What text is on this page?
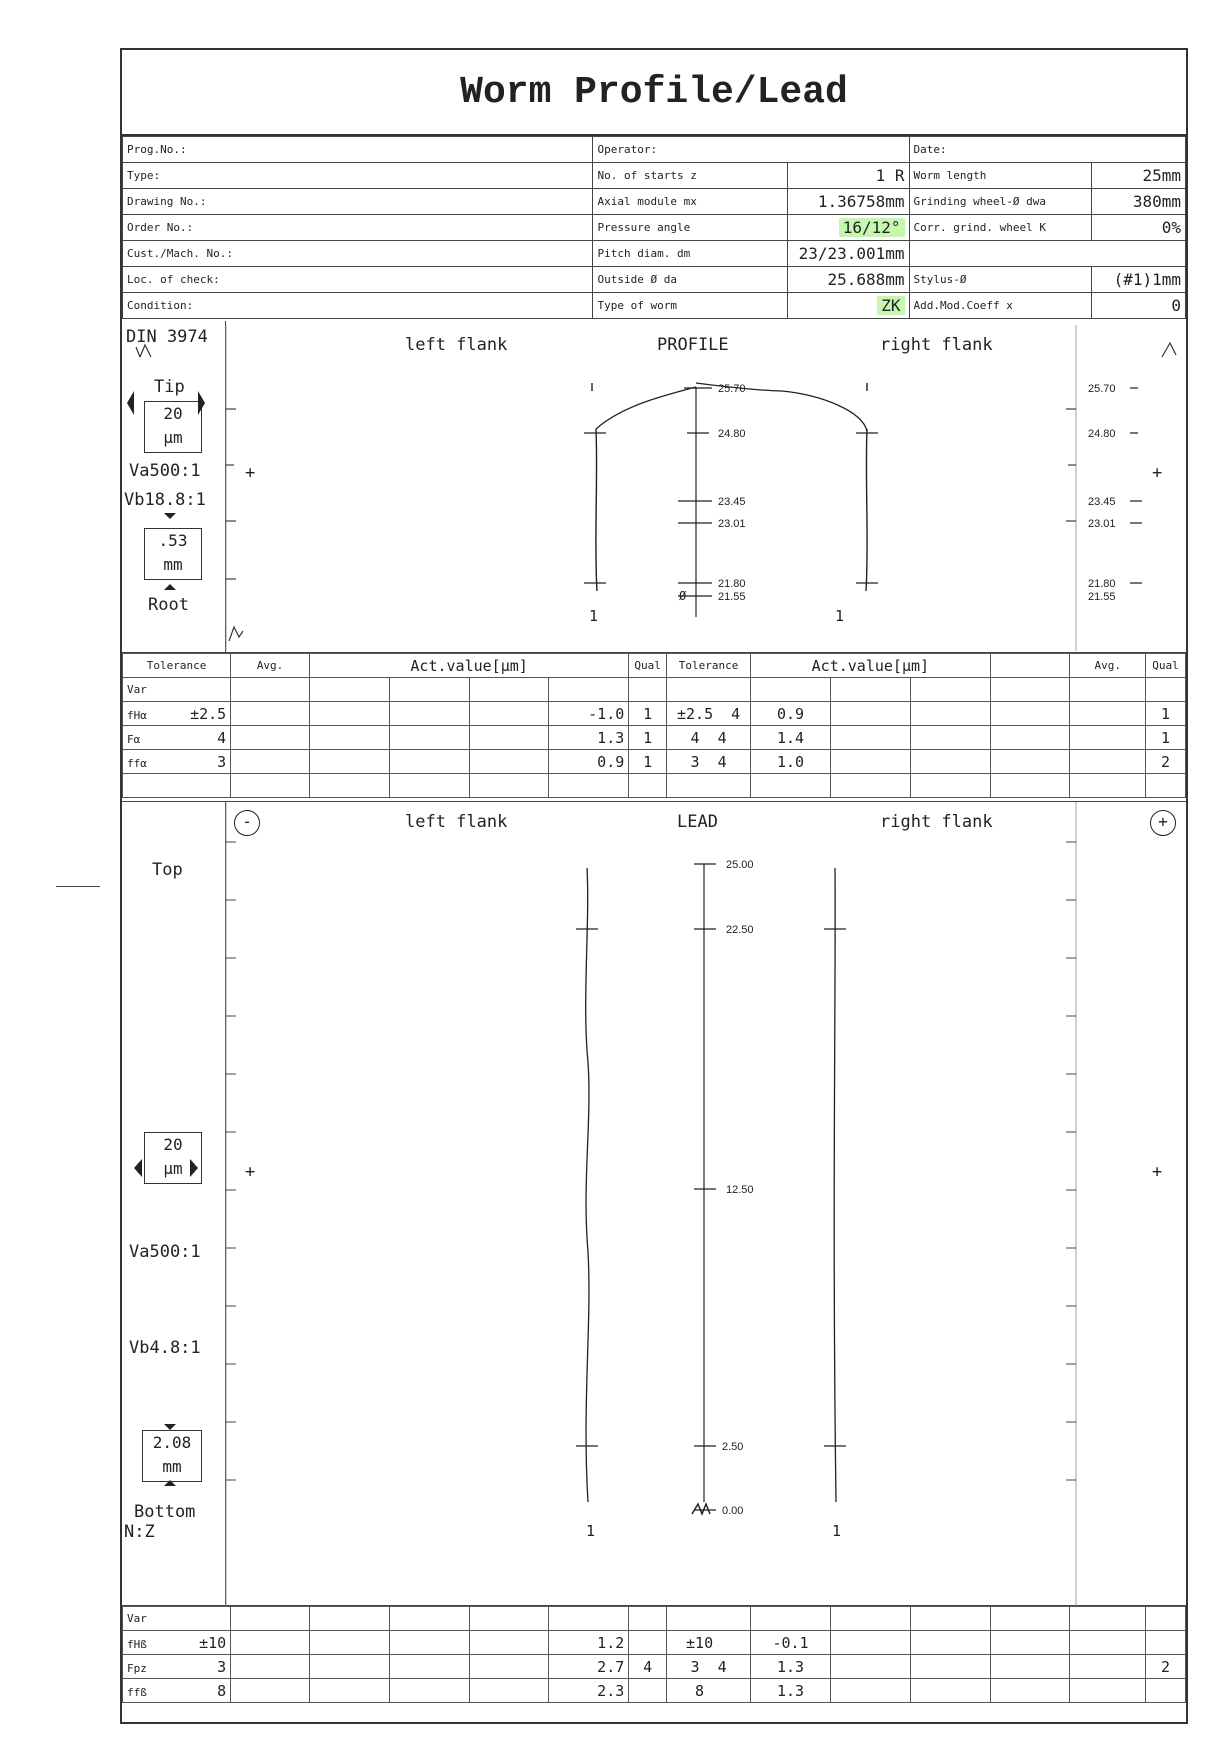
Worm Profile/Lead
Prog.No.:	Operator:		Date:	
Type:	No. of starts z	1 R	Worm length	25mm
Drawing No.:	Axial module mx	1.36758mm	Grinding wheel-Ø dwa	380mm
Order No.:	Pressure angle	16/12°	Corr. grind. wheel K	0%
Cust./Mach. No.:	Pitch diam. dm	23/23.001mm		
Loc. of check:	Outside Ø da	25.688mm	Stylus-Ø	(#1)1mm
Condition:	Type of worm	ZK	Add.Mod.Coeff x	0
DIN 3974	left flank	PROFILE	right flank
Tip
20
µm
Va500:1
Vb18.8:1
.53
mm
Root
+	+
1	1
Ø
25.70
24.80
23.45
23.01
21.80
21.55
25.70
24.80
23.45
23.01
21.80
21.55
Tolerance	Avg.	Act.value[µm]				Qual	Tolerance	Act.value[µm]				Avg.	Qual
Var													
fHα ±2.5					-1.0	1	±2.5 4	0.9					1
Fα 4					1.3	1	4 4	1.4					1
ffα 3					0.9	1	3 4	1.0					2

left flank	LEAD	right flank
Top
20
µm
Va500:1
Vb4.8:1
2.08
mm
Bottom
N:Z
+	+
1	1
-	+
25.00
22.50
12.50
2.50
0.00
Var													
fHß ±10					1.2		±10	-0.1					
Fpz 3					2.7	4	3 4	1.3					2
ffß 8					2.3		8	1.3					
